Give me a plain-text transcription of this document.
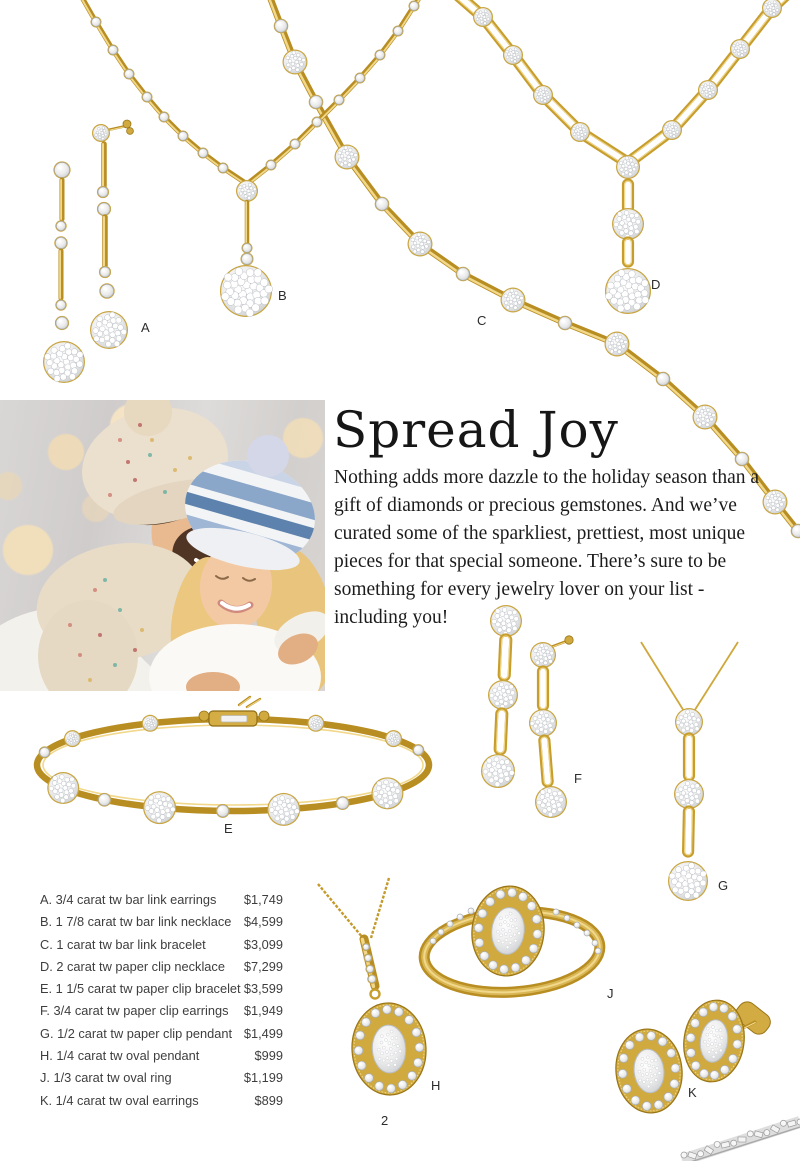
Spread Joy
Nothing adds more dazzle to the holiday season than a gift of diamonds or precious gemstones. And we’ve curated some of the sparkliest, prettiest, most unique pieces for that special someone. There’s sure to be something for every jewelry lover on your list - including you!
A. 3/4 carat tw bar link earrings $1,749
B. 1 7/8 carat tw bar link necklace $4,599
C. 1 carat tw bar link bracelet	$3,099
D. 2 carat tw paper clip necklace $7,299
E. 1 1/5 carat tw paper clip bracelet $3,599
F. 3/4 carat tw paper clip earrings $1,949
G. 1/2 carat tw paper clip pendant $1,499
H. 1/4 carat tw oval pendant	$999
J. 1/3 carat tw oval ring	$1,199
K. 1/4 carat tw oval earrings	$899
A
B
C
D
E
F
G
H
J
K
2
